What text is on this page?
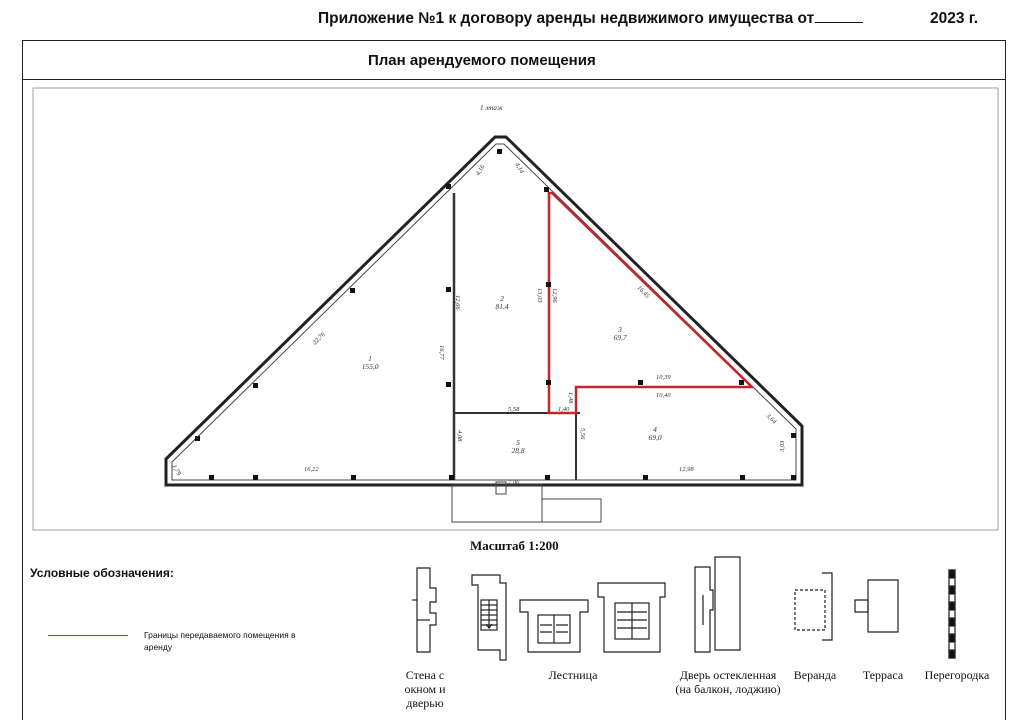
Приложение №1 к договору аренды недвижимого имущества от	2023 г.
План арендуемого помещения
1 этаж
1
155,0
2
81,4
3
69,7
4
69,0
5
28,8
4,16	4,14
22,76
16,77
12,66	13,03 12,96	16,45
10,39
10,40
1,48
1,40
5,58
4,08	5,56
3,64
3,03
16,22
7,06
12,98
1,79
Масштаб 1:200
Условные обозначения:
Границы передаваемого помещения в аренду
Стена с окном и дверью
Лестница	Дверь остекленная (на балкон, лоджию)
Веранда	Терраса	Перегородка
